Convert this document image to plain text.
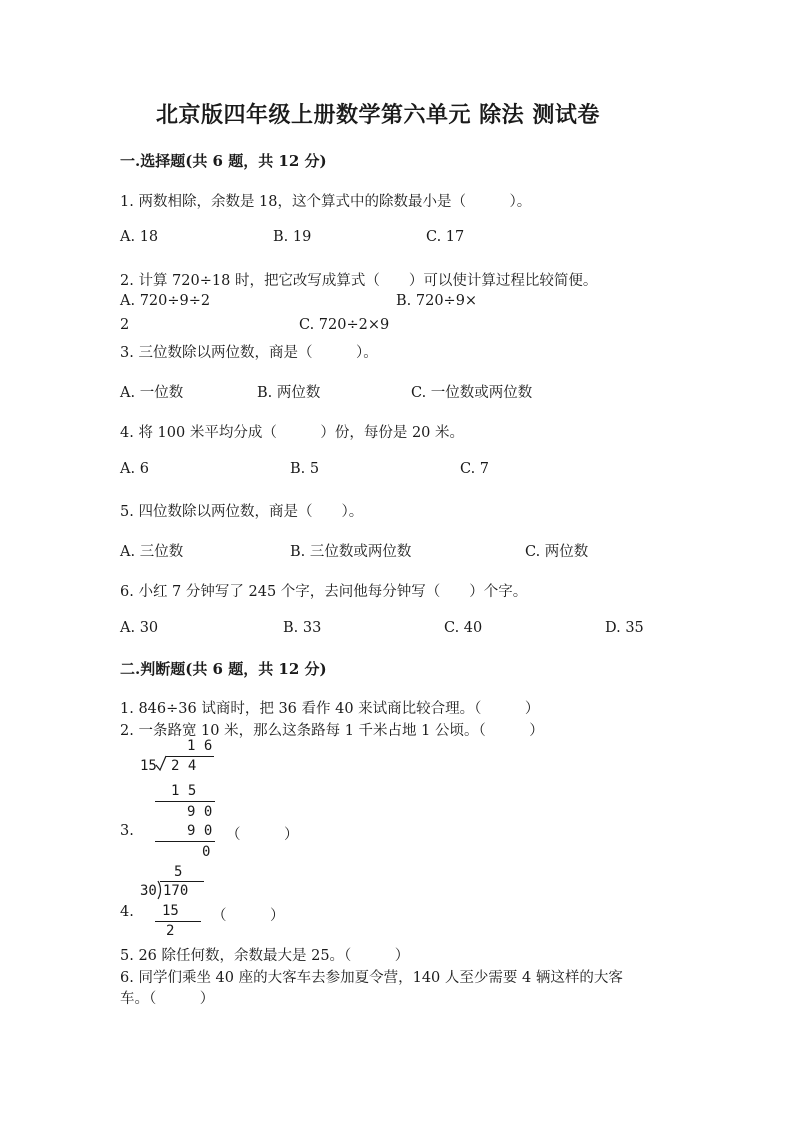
北京版四年级上册数学第六单元 除法 测试卷
一.选择题(共 6 题，共 12 分)
1. 两数相除，余数是 18，这个算式中的除数最小是（　　　）。
A. 18	B. 19	C. 17
2. 计算 720÷18 时，把它改写成算式（　　）可以使计算过程比较简便。
A. 720÷9÷2	B. 720÷9×
2	C. 720÷2×9
3. 三位数除以两位数，商是（　　　）。
A. 一位数	B. 两位数	C. 一位数或两位数
4. 将 100 米平均分成（　　　）份，每份是 20 米。
A. 6	B. 5	C. 7
5. 四位数除以两位数，商是（　　）。
A. 三位数	B. 三位数或两位数	C. 两位数
6. 小红 7 分钟写了 245 个字，去问他每分钟写（　　）个字。
A. 30	B. 33	C. 40	D. 35
二.判断题(共 6 题，共 12 分)
1. 846÷36 试商时，把 36 看作 40 来试商比较合理。（　　　）
2. 一条路宽 10 米，那么这条路每 1 千米占地 1 公顷。（　　　）
1 6
15 2 4
1 5
9 0
9 0
0
3.	（　　　）
5
30 170
15
2
4.	（　　　）
5. 26 除任何数，余数最大是 25。（　　　）
6. 同学们乘坐 40 座的大客车去参加夏令营，140 人至少需要 4 辆这样的大客
车。（　　　）
